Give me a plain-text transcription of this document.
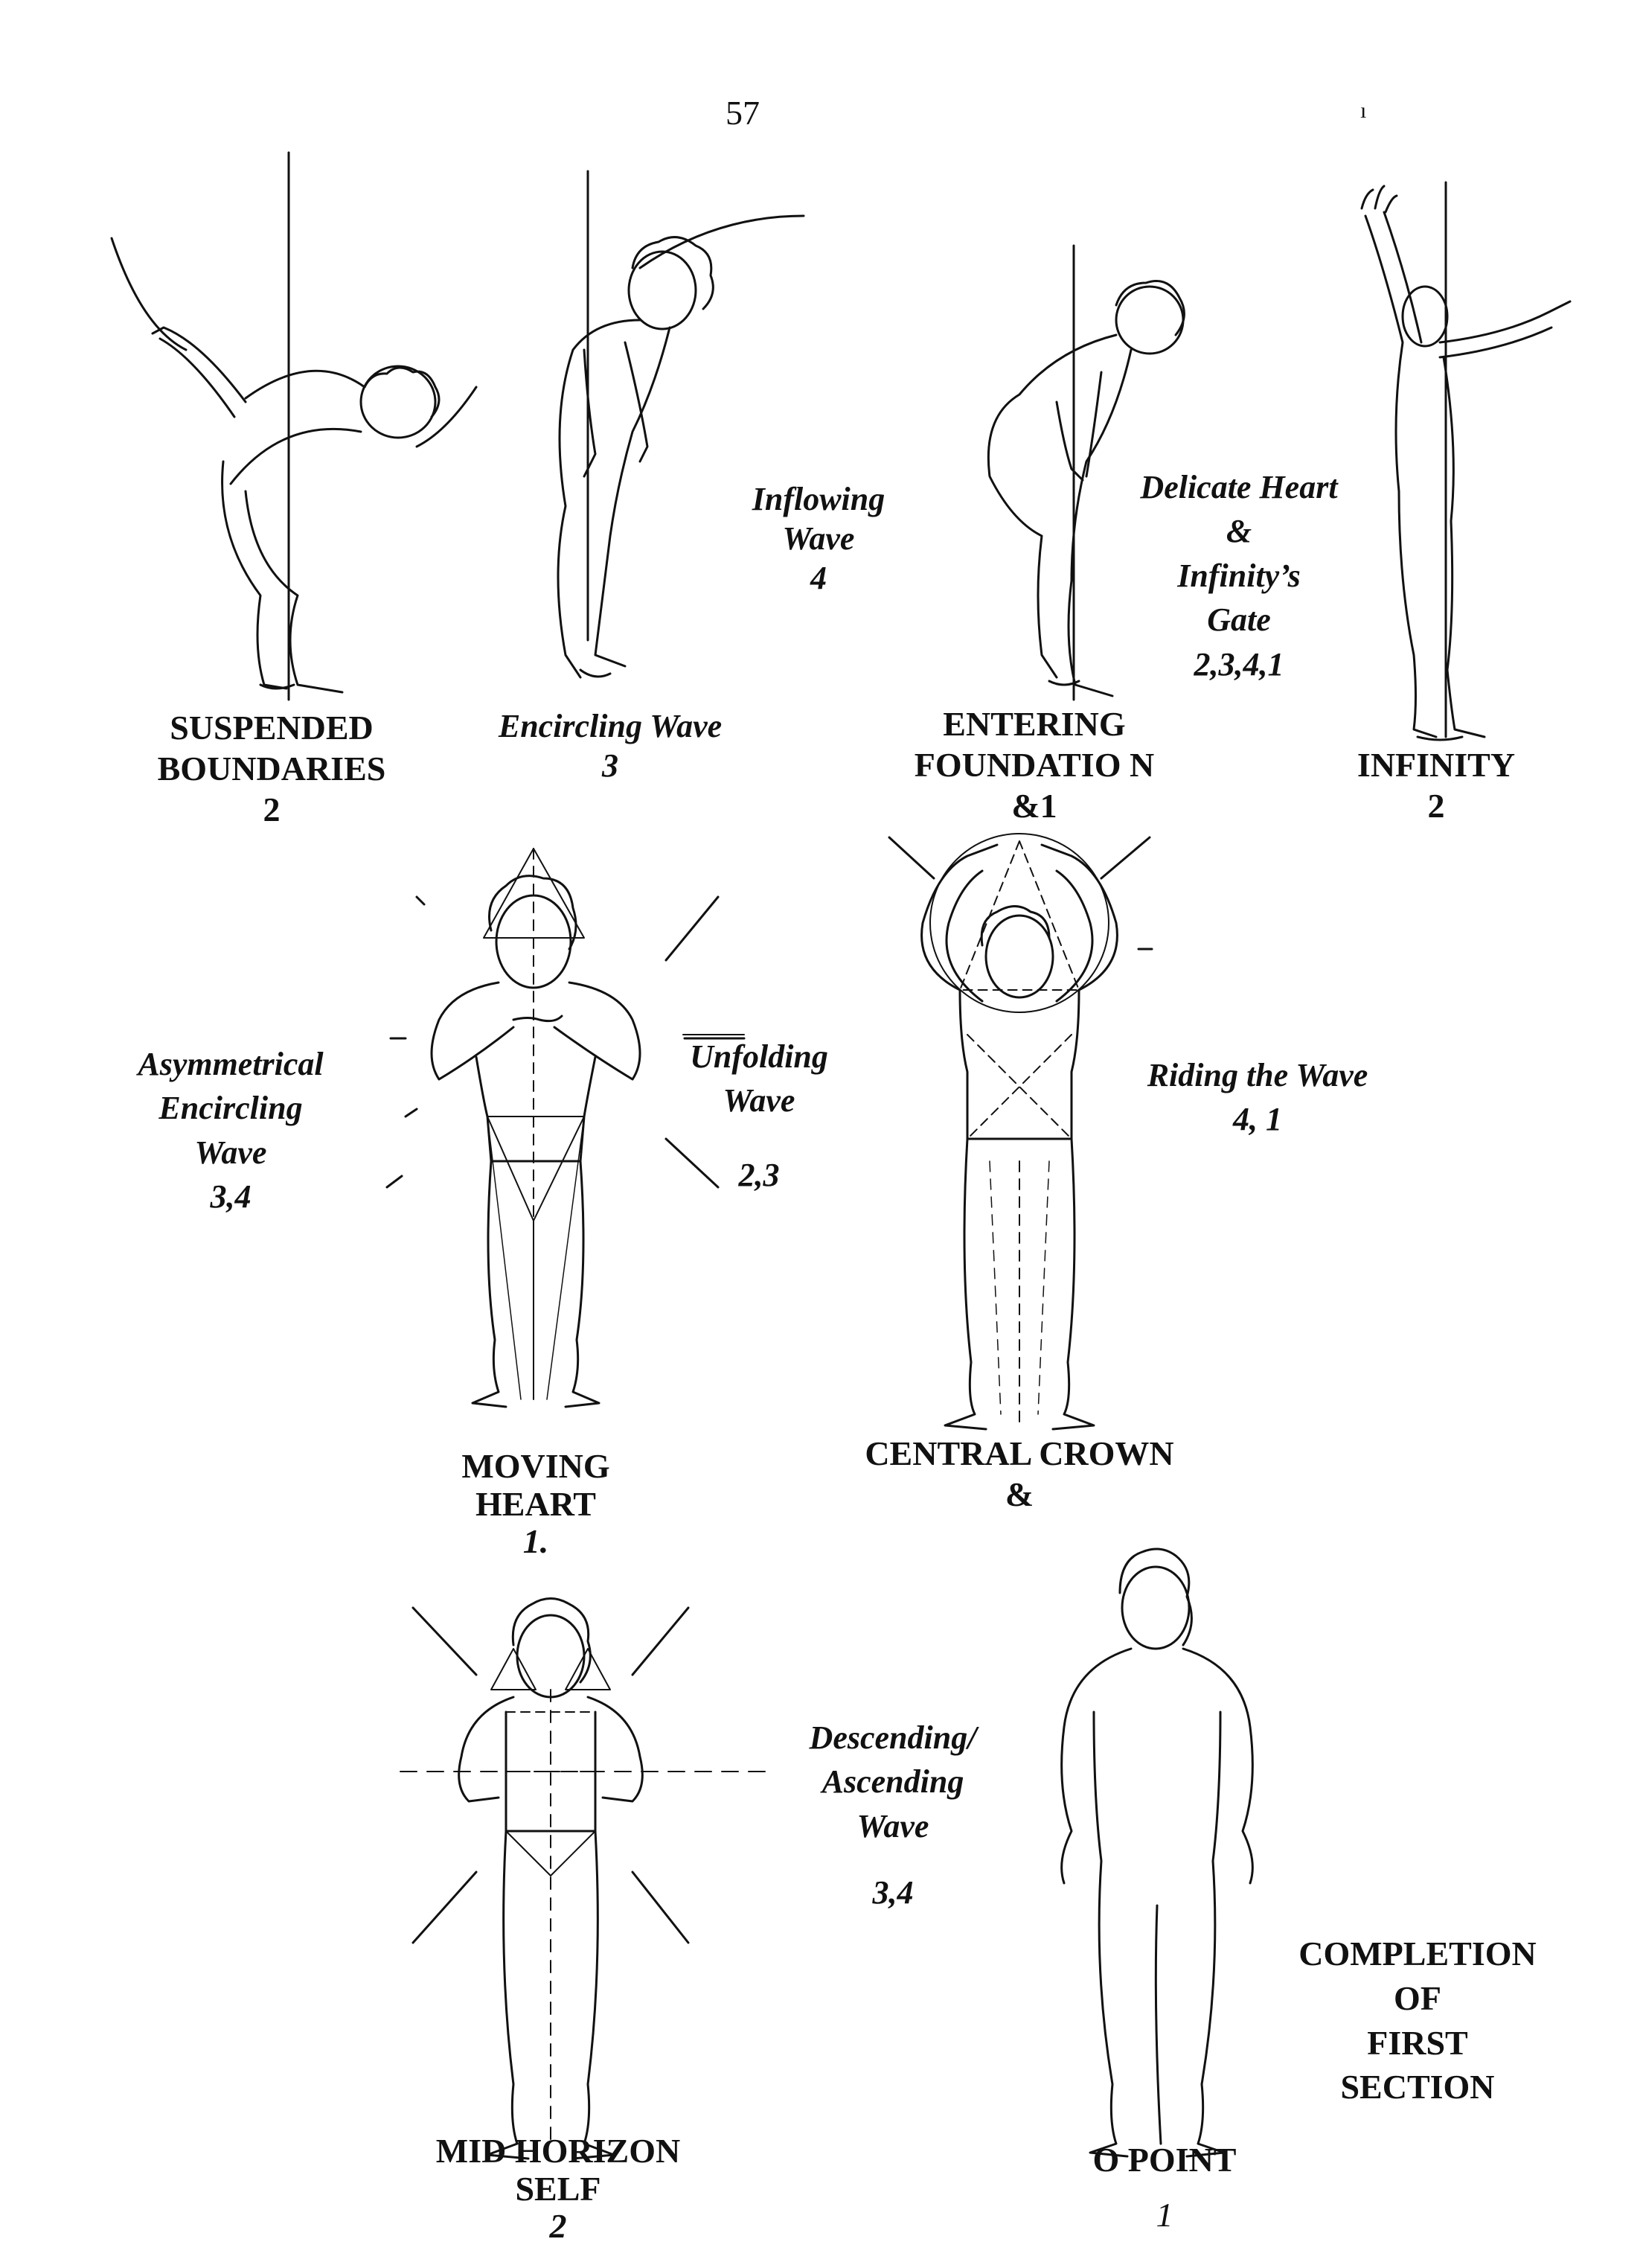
57	ı
SUSPENDED
BOUNDARIES
2
Encircling Wave
3
Inflowing
Wave
4
ENTERING
FOUNDATIO N
&1
Delicate Heart
&
Infinity’s
Gate
2,3,4,1
INFINITY
2
Asymmetrical
Encircling
Wave
3,4
Unfolding
Wave
2,3
Riding the Wave
4, 1
MOVING
HEART
1.
CENTRAL CROWN
&
Descending/
Ascending
Wave
3,4
COMPLETION
OF
FIRST
SECTION
MID HORIZON
SELF
2
O POINT
1
